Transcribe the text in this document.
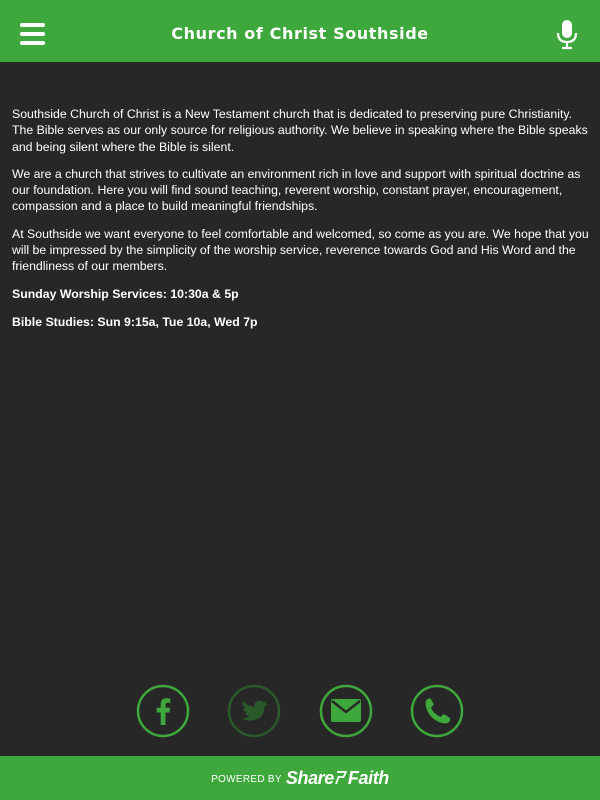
Church of Christ Southside

Southside Church of Christ is a New Testament church that is dedicated to preserving pure Christianity. The Bible serves as our only source for religious authority. We believe in speaking where the Bible speaks and being silent where the Bible is silent.

We are a church that strives to cultivate an environment rich in love and support with spiritual doctrine as our foundation. Here you will find sound teaching, reverent worship, constant prayer, encouragement, compassion and a place to build meaningful friendships.

At Southside we want everyone to feel comfortable and welcomed, so come as you are. We hope that you will be impressed by the simplicity of the worship service, reverence towards God and His Word and the friendliness of our members.

Sunday Worship Services: 10:30a & 5p

Bible Studies: Sun 9:15a, Tue 10a, Wed 7p

POWERED BY Share Faith
